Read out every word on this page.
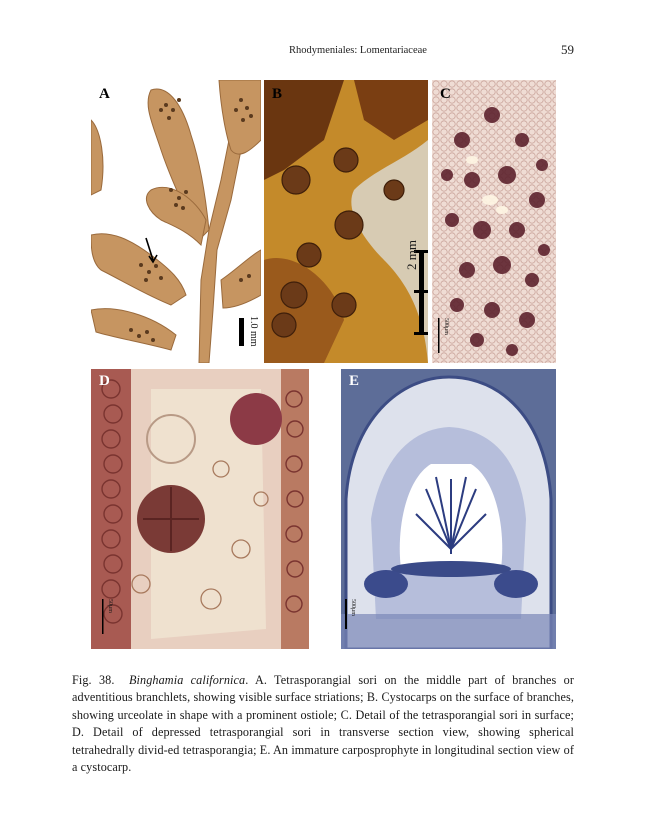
Rhodymeniales: Lomentariaceae	59
A
1.0 mm
B
2 mm
C
500μm
D
50μm
E
500μm
Fig. 38. Binghamia californica. A. Tetrasporangial sori on the middle part of branches or adventitious branchlets, showing visible surface striations; B. Cystocarps on the surface of branches, showing urceolate in shape with a prominent ostiole; C. Detail of the tetrasporangial sori in surface; D. Detail of depressed tetrasporangial sori in transverse section view, showing spherical tetrahedrally divid-ed tetrasporangia; E. An immature carposprophyte in longitudinal section view of a cystocarp.
